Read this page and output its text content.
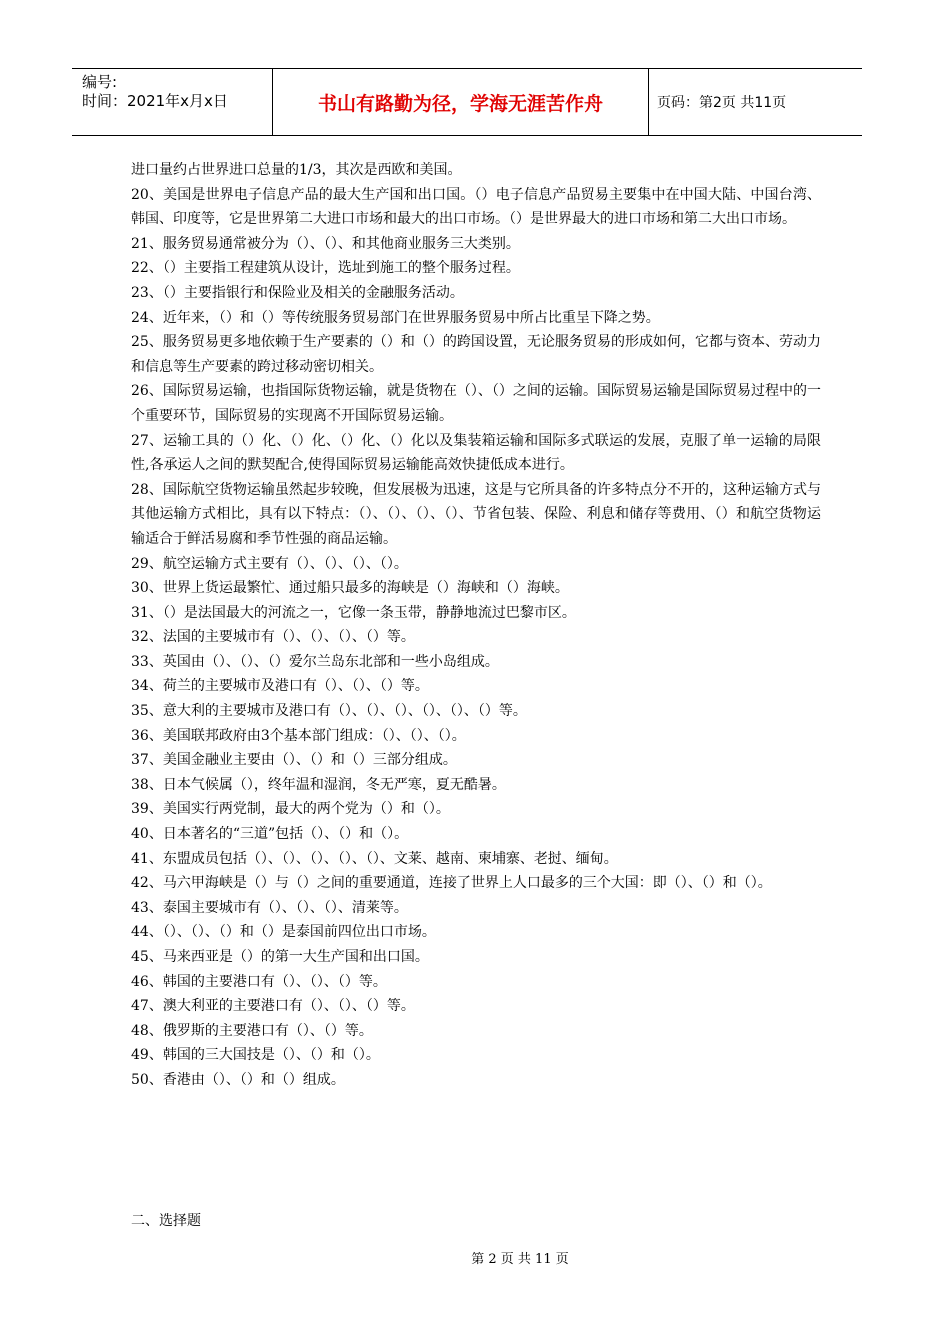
编号:
时间：2021年x月x日	书山有路勤为径，学海无涯苦作舟	页码：第2页 共11页

进口量约占世界进口总量的1/3，其次是西欧和美国。

20、美国是世界电子信息产品的最大生产国和出口国。（）电子信息产品贸易主要集中在中国大陆、中国台湾、韩国、印度等，它是世界第二大进口市场和最大的出口市场。（）是世界最大的进口市场和第二大出口市场。

21、服务贸易通常被分为（）、（）、和其他商业服务三大类别。

22、（）主要指工程建筑从设计，选址到施工的整个服务过程。

23、（）主要指银行和保险业及相关的金融服务活动。

24、近年来，（）和（）等传统服务贸易部门在世界服务贸易中所占比重呈下降之势。

25、服务贸易更多地依赖于生产要素的（）和（）的跨国设置，无论服务贸易的形成如何，它都与资本、劳动力和信息等生产要素的跨过移动密切相关。

26、国际贸易运输，也指国际货物运输，就是货物在（）、（）之间的运输。国际贸易运输是国际贸易过程中的一个重要环节，国际贸易的实现离不开国际贸易运输。

27、运输工具的（）化、（）化、（）化、（）化以及集装箱运输和国际多式联运的发展，克服了单一运输的局限性,各承运人之间的默契配合,使得国际贸易运输能高效快捷低成本进行。

28、国际航空货物运输虽然起步较晚，但发展极为迅速，这是与它所具备的许多特点分不开的，这种运输方式与其他运输方式相比，具有以下特点：（）、（）、（）、（）、节省包装、保险、利息和储存等费用、（）和航空货物运输适合于鲜活易腐和季节性强的商品运输。

29、航空运输方式主要有（）、（）、（）、（）。

30、世界上货运最繁忙、通过船只最多的海峡是（）海峡和（）海峡。

31、（）是法国最大的河流之一，它像一条玉带，静静地流过巴黎市区。

32、法国的主要城市有（）、（）、（）、（）等。

33、英国由（）、（）、（）爱尔兰岛东北部和一些小岛组成。

34、荷兰的主要城市及港口有（）、（）、（）等。

35、意大利的主要城市及港口有（）、（）、（）、（）、（）、（）等。

36、美国联邦政府由3个基本部门组成：（）、（）、（）。

37、美国金融业主要由（）、（）和（）三部分组成。

38、日本气候属（），终年温和湿润，冬无严寒，夏无酷暑。

39、美国实行两党制，最大的两个党为（）和（）。

40、日本著名的“三道”包括（）、（）和（）。

41、东盟成员包括（）、（）、（）、（）、（）、文莱、越南、柬埔寨、老挝、缅甸。

42、马六甲海峡是（）与（）之间的重要通道，连接了世界上人口最多的三个大国：即（）、（）和（）。

43、泰国主要城市有（）、（）、（）、清莱等。

44、（）、（）、（）和（）是泰国前四位出口市场。

45、马来西亚是（）的第一大生产国和出口国。

46、韩国的主要港口有（）、（）、（）等。

47、澳大利亚的主要港口有（）、（）、（）等。

48、俄罗斯的主要港口有（）、（）等。

49、韩国的三大国技是（）、（）和（）。

50、香港由（）、（）和（）组成。

二、选择题
第 2 页 共 11 页
